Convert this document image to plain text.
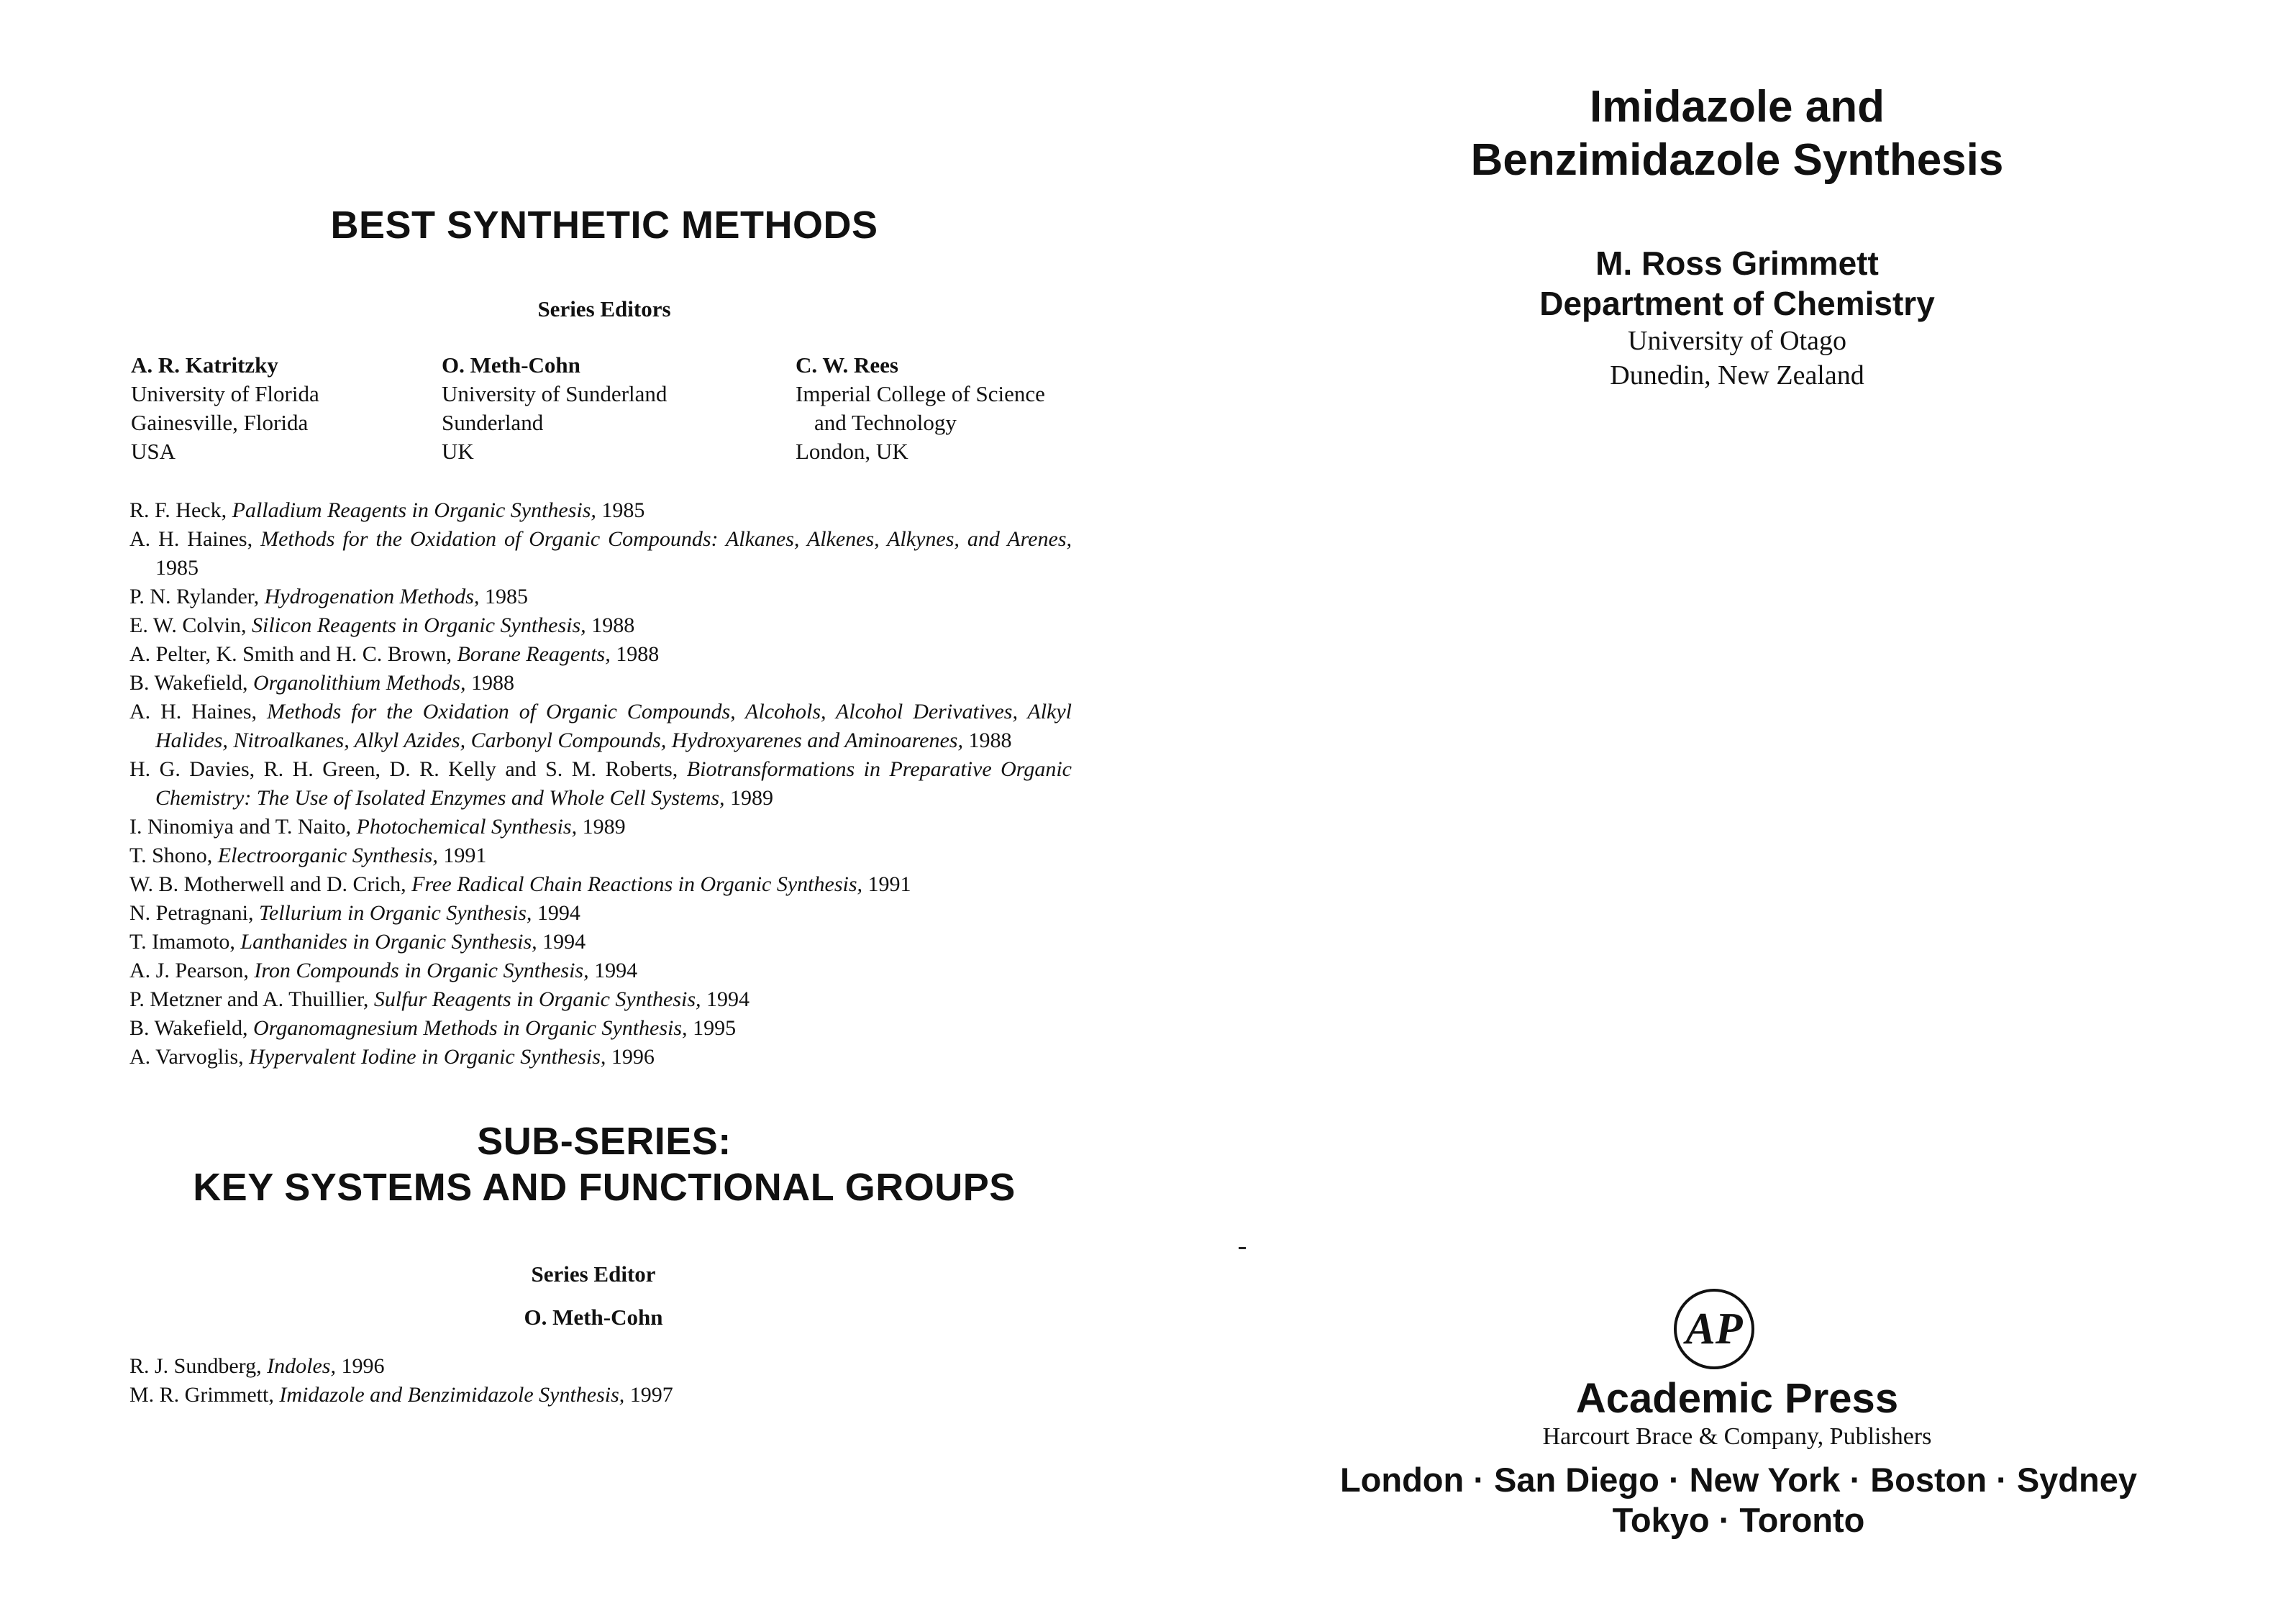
BEST SYNTHETIC METHODS
Series Editors
A. R. Katritzky
University of Florida
Gainesville, Florida
USA
O. Meth-Cohn
University of Sunderland
Sunderland
UK
C. W. Rees
Imperial College of Science
and Technology
London, UK
R. F. Heck, Palladium Reagents in Organic Synthesis, 1985
A. H. Haines, Methods for the Oxidation of Organic Compounds: Alkanes, Alkenes, Alkynes, and Arenes, 1985
P. N. Rylander, Hydrogenation Methods, 1985
E. W. Colvin, Silicon Reagents in Organic Synthesis, 1988
A. Pelter, K. Smith and H. C. Brown, Borane Reagents, 1988
B. Wakefield, Organolithium Methods, 1988
A. H. Haines, Methods for the Oxidation of Organic Compounds, Alcohols, Alcohol Derivatives, Alkyl Halides, Nitroalkanes, Alkyl Azides, Carbonyl Compounds, Hydroxyarenes and Aminoarenes, 1988
H. G. Davies, R. H. Green, D. R. Kelly and S. M. Roberts, Biotransformations in Preparative Organic Chemistry: The Use of Isolated Enzymes and Whole Cell Systems, 1989
I. Ninomiya and T. Naito, Photochemical Synthesis, 1989
T. Shono, Electroorganic Synthesis, 1991
W. B. Motherwell and D. Crich, Free Radical Chain Reactions in Organic Synthesis, 1991
N. Petragnani, Tellurium in Organic Synthesis, 1994
T. Imamoto, Lanthanides in Organic Synthesis, 1994
A. J. Pearson, Iron Compounds in Organic Synthesis, 1994
P. Metzner and A. Thuillier, Sulfur Reagents in Organic Synthesis, 1994
B. Wakefield, Organomagnesium Methods in Organic Synthesis, 1995
A. Varvoglis, Hypervalent Iodine in Organic Synthesis, 1996
SUB-SERIES:
KEY SYSTEMS AND FUNCTIONAL GROUPS
Series Editor
O. Meth-Cohn
R. J. Sundberg, Indoles, 1996
M. R. Grimmett, Imidazole and Benzimidazole Synthesis, 1997
Imidazole and
Benzimidazole Synthesis
M. Ross Grimmett
Department of Chemistry
University of Otago
Dunedin, New Zealand
AP
Academic Press
Harcourt Brace & Company, Publishers
London · San Diego · New York · Boston · Sydney
Tokyo · Toronto
